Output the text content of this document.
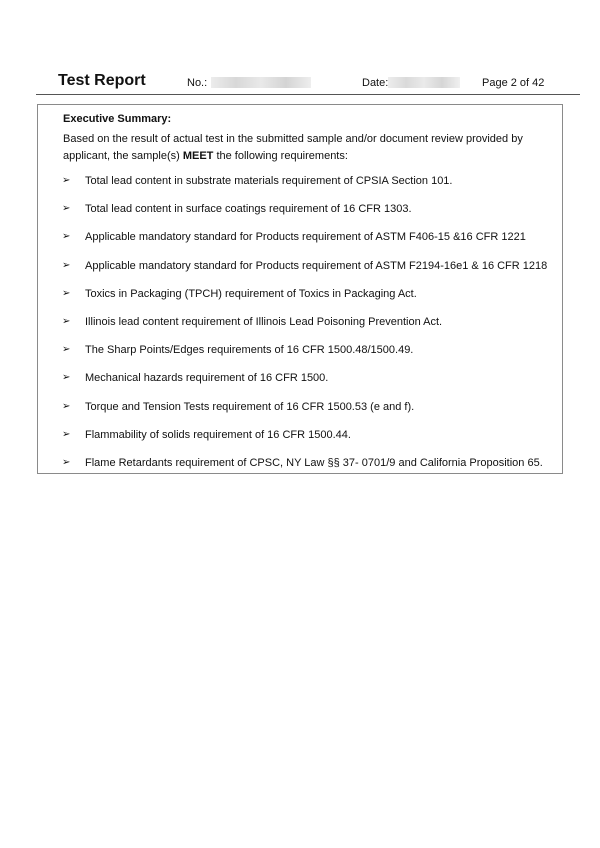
Test Report	No.:	Date:	Page 2 of 42
Executive Summary:
Based on the result of actual test in the submitted sample and/or document review provided by applicant, the sample(s) MEET the following requirements:
➢	Total lead content in substrate materials requirement of CPSIA Section 101.
➢	Total lead content in surface coatings requirement of 16 CFR 1303.
➢	Applicable mandatory standard for Products requirement of ASTM F406-15 &16 CFR 1221
➢	Applicable mandatory standard for Products requirement of ASTM F2194-16e1 & 16 CFR 1218
➢	Toxics in Packaging (TPCH) requirement of Toxics in Packaging Act.
➢	Illinois lead content requirement of Illinois Lead Poisoning Prevention Act.
➢	The Sharp Points/Edges requirements of 16 CFR 1500.48/1500.49.
➢	Mechanical hazards requirement of 16 CFR 1500.
➢	Torque and Tension Tests requirement of 16 CFR 1500.53 (e and f).
➢	Flammability of solids requirement of 16 CFR 1500.44.
➢	Flame Retardants requirement of CPSC, NY Law §§ 37- 0701/9 and California Proposition 65.
